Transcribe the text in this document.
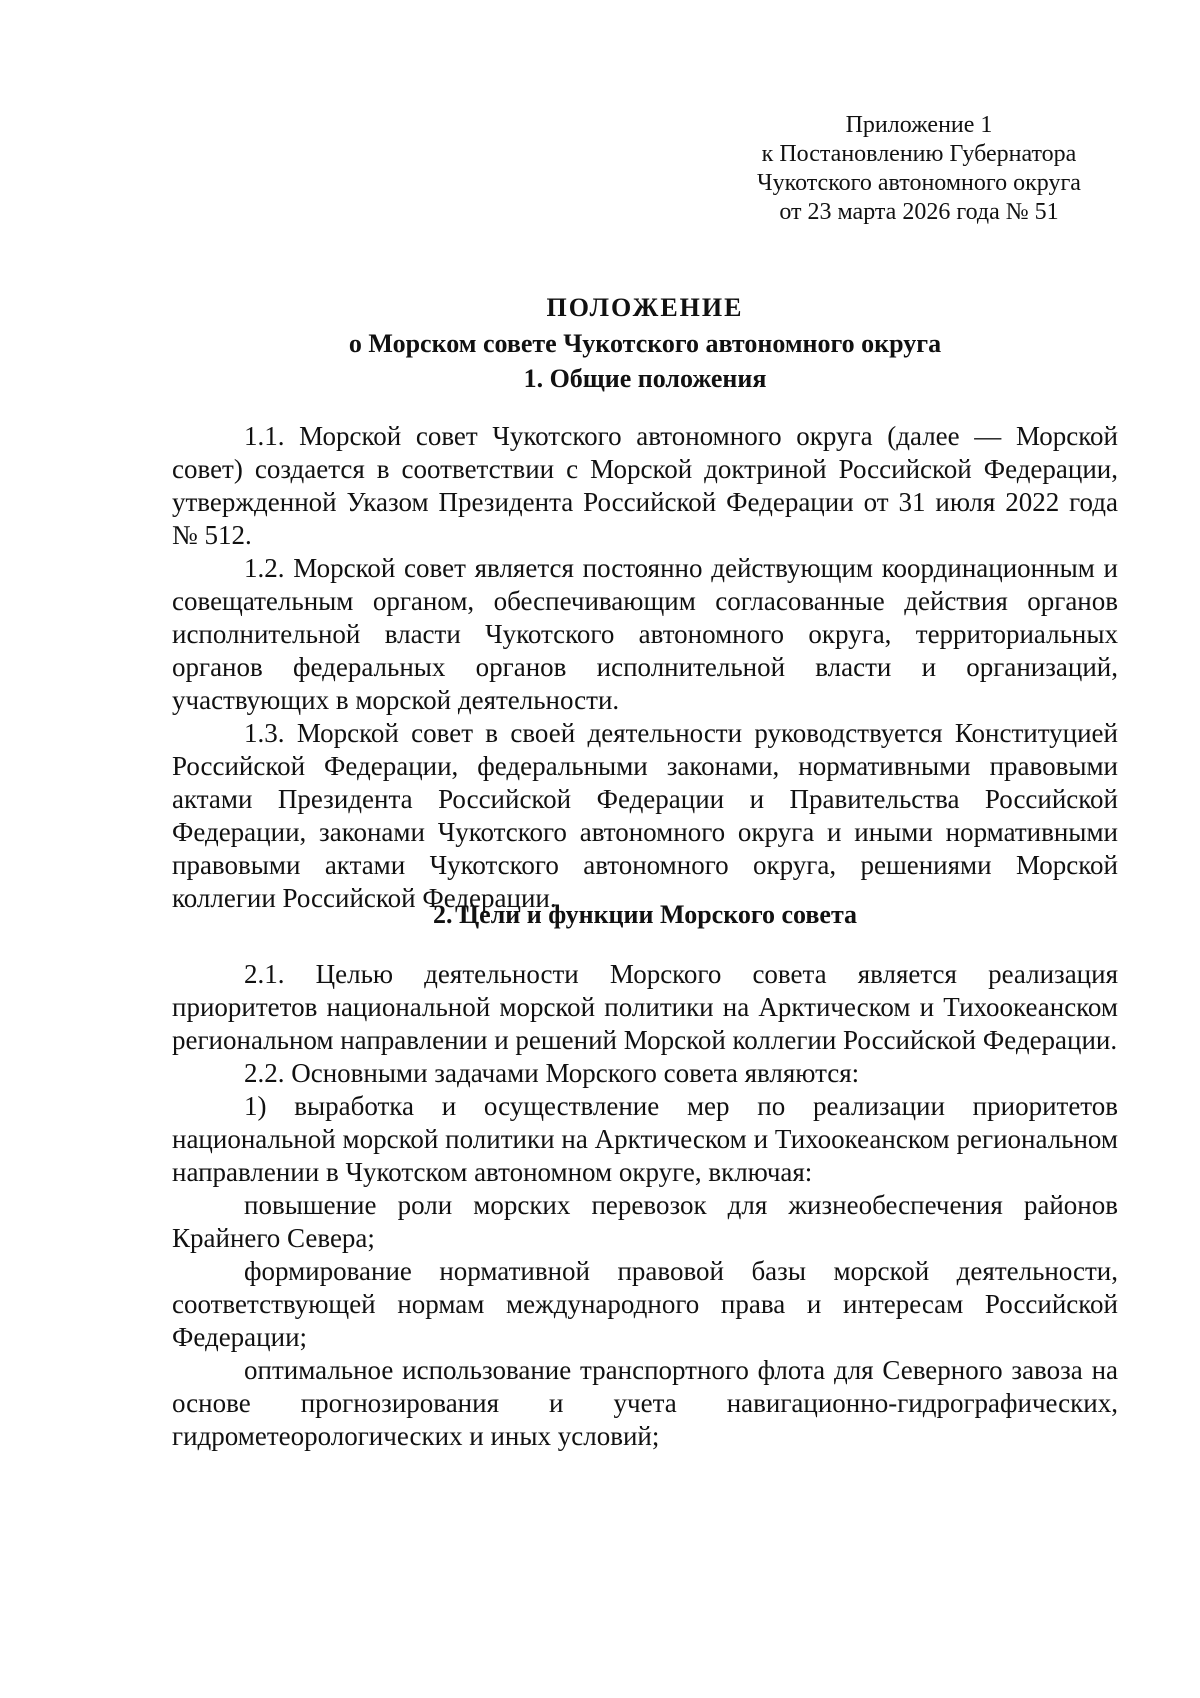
Приложение 1
к Постановлению Губернатора
Чукотского автономного округа
от 23 марта 2026 года № 51
ПОЛОЖЕНИЕ
о Морском совете Чукотского автономного округа
1. Общие положения

1.1. Морской совет Чукотского автономного округа (далее — Морской совет) создается в соответствии с Морской доктриной Российской Федерации, утвержденной Указом Президента Российской Федерации от 31 июля 2022 года № 512.

1.2. Морской совет является постоянно действующим координационным и совещательным органом, обеспечивающим согласованные действия органов исполнительной власти Чукотского автономного округа, территориальных органов федеральных органов исполнительной власти и организаций, участвующих в морской деятельности.

1.3. Морской совет в своей деятельности руководствуется Конституцией Российской Федерации, федеральными законами, нормативными правовыми актами Президента Российской Федерации и Правительства Российской Федерации, законами Чукотского автономного округа и иными нормативными правовыми актами Чукотского автономного округа, решениями Морской коллегии Российской Федерации.

2. Цели и функции Морского совета

2.1. Целью деятельности Морского совета является реализация приоритетов национальной морской политики на Арктическом и Тихоокеанском региональном направлении и решений Морской коллегии Российской Федерации.

2.2. Основными задачами Морского совета являются:

1) выработка и осуществление мер по реализации приоритетов национальной морской политики на Арктическом и Тихоокеанском региональном направлении в Чукотском автономном округе, включая:

повышение роли морских перевозок для жизнеобеспечения районов Крайнего Севера;

формирование нормативной правовой базы морской деятельности, соответствующей нормам международного права и интересам Российской Федерации;

оптимальное использование транспортного флота для Северного завоза на основе прогнозирования и учета навигационно-гидрографических, гидрометеорологических и иных условий;
